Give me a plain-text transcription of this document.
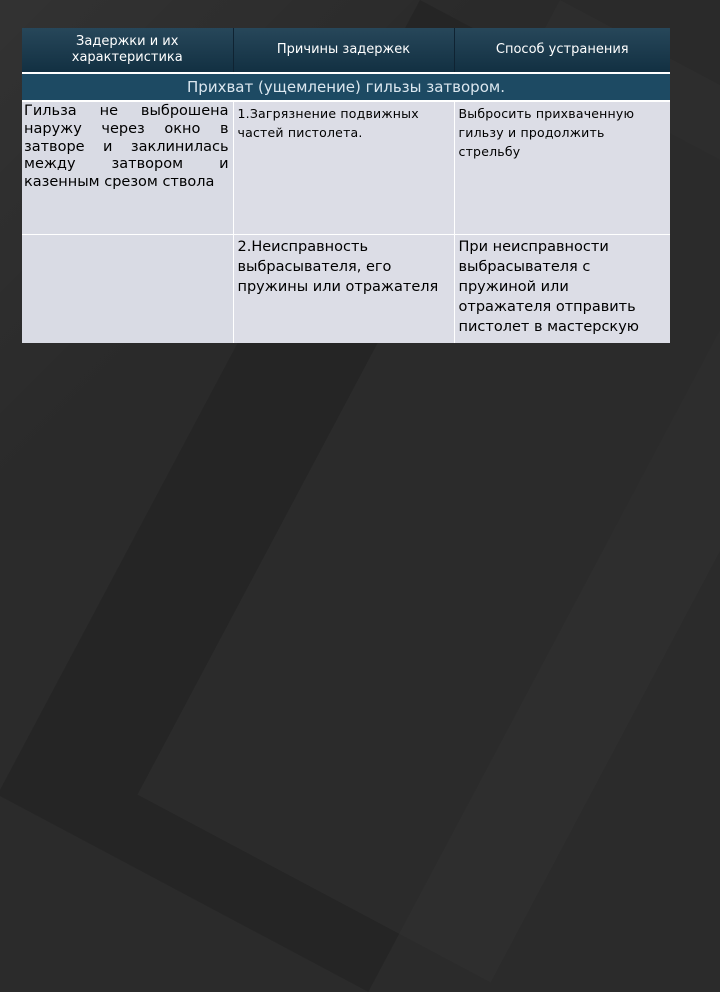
Задержки и их характеристика	Причины задержек	Способ устранения
Прихват (ущемление) гильзы затвором.		
Гильза не выброшена наружу через окно в затворе и заклинилась между затвором и казенным срезом ствола	1.Загрязнение подвижных частей пистолета.	Выбросить прихваченную гильзу и продолжить стрельбу
	2.Неисправность выбрасывателя, его пружины или отражателя	При неисправности выбрасывателя с пружиной или отражателя отправить пистолет в мастерскую
